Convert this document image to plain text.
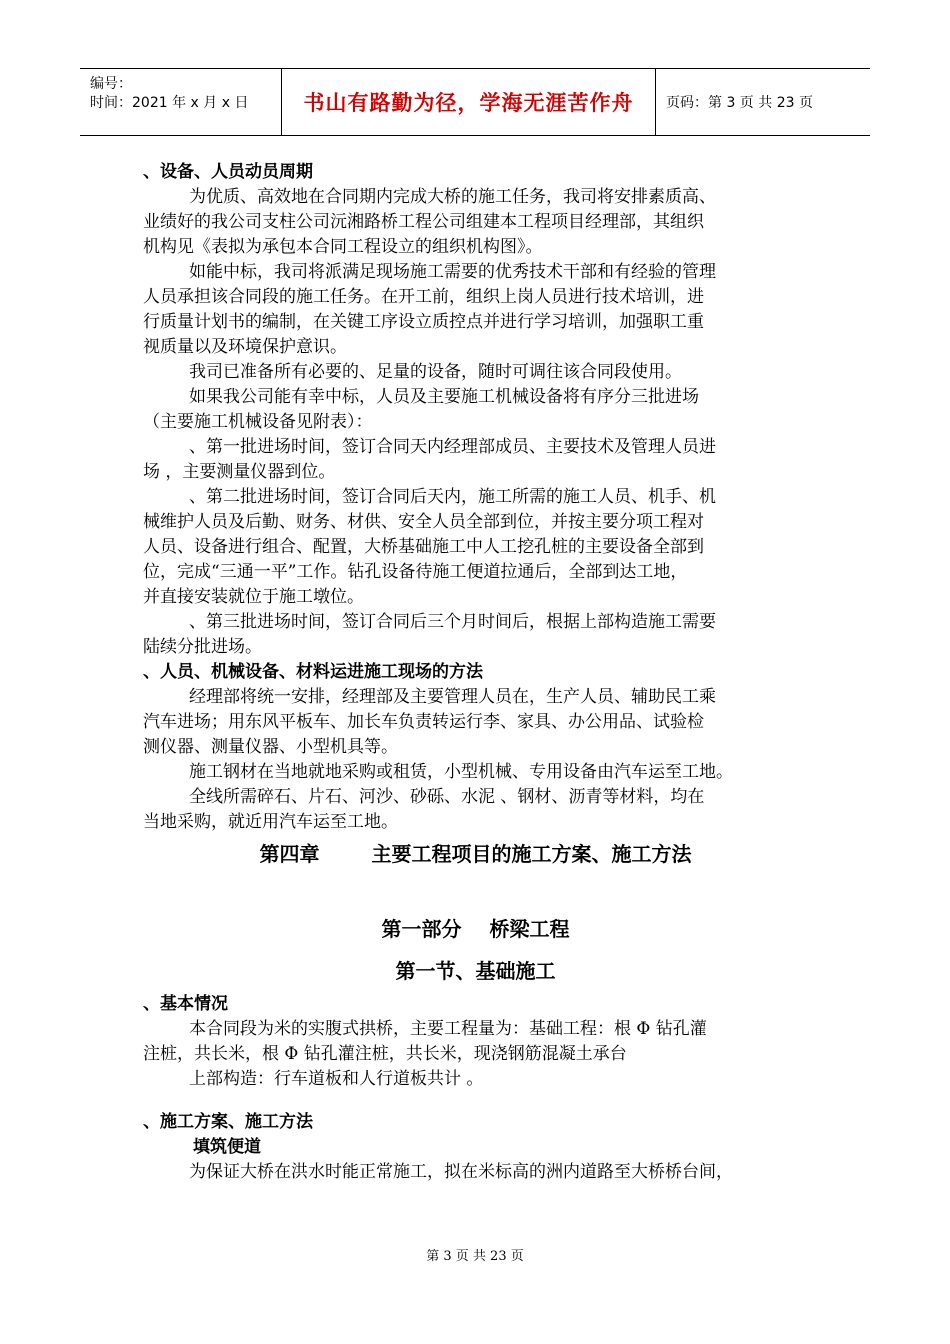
编号：
时间：2021 年 x 月 x 日	书山有路勤为径，学海无涯苦作舟	页码：第 3 页 共 23 页
、设备、人员动员周期
为优质、高效地在合同期内完成大桥的施工任务，我司将安排素质高、
业绩好的我公司支柱公司沅湘路桥工程公司组建本工程项目经理部，其组织
机构见《表拟为承包本合同工程设立的组织机构图》。
如能中标，我司将派满足现场施工需要的优秀技术干部和有经验的管理
人员承担该合同段的施工任务。在开工前，组织上岗人员进行技术培训，进
行质量计划书的编制，在关键工序设立质控点并进行学习培训，加强职工重
视质量以及环境保护意识。
我司已准备所有必要的、足量的设备，随时可调往该合同段使用。
如果我公司能有幸中标，人员及主要施工机械设备将有序分三批进场
（主要施工机械设备见附表）：
、第一批进场时间，签订合同天内经理部成员、主要技术及管理人员进
场 ，主要测量仪器到位。
、第二批进场时间，签订合同后天内，施工所需的施工人员、机手、机
械维护人员及后勤、财务、材供、安全人员全部到位，并按主要分项工程对
人员、设备进行组合、配置，大桥基础施工中人工挖孔桩的主要设备全部到
位，完成“三通一平”工作。钻孔设备待施工便道拉通后，全部到达工地，
并直接安装就位于施工墩位。
、第三批进场时间，签订合同后三个月时间后，根据上部构造施工需要
陆续分批进场。
、人员、机械设备、材料运进施工现场的方法
经理部将统一安排，经理部及主要管理人员在，生产人员、辅助民工乘
汽车进场；用东风平板车、加长车负责转运行李、家具、办公用品、试验检
测仪器、测量仪器、小型机具等。
施工钢材在当地就地采购或租赁，小型机械、专用设备由汽车运至工地。
全线所需碎石、片石、河沙、砂砾、水泥 、钢材、沥青等材料，均在
当地采购，就近用汽车运至工地。
第四章	主要工程项目的施工方案、施工方法
第一部分 桥梁工程
第一节、基础施工
、基本情况
本合同段为米的实腹式拱桥，主要工程量为：基础工程：根 Φ 钻孔灌
注桩，共长米，根 Φ 钻孔灌注桩，共长米，现浇钢筋混凝土承台
上部构造：行车道板和人行道板共计 。
、施工方案、施工方法
填筑便道
为保证大桥在洪水时能正常施工，拟在米标高的洲内道路至大桥桥台间，
第 3 页 共 23 页
